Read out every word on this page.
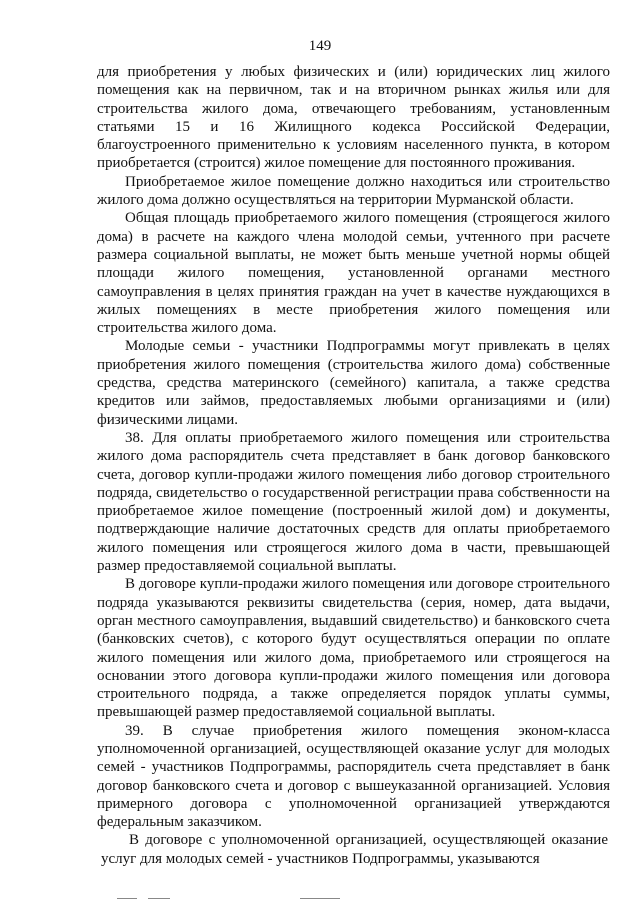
149

для приобретения у любых физических и (или) юридических лиц жилого помещения как на первичном, так и на вторичном рынках жилья или для строительства жилого дома, отвечающего требованиям, установленным статьями 15 и 16 Жилищного кодекса Российской Федерации, благоустроенного применительно к условиям населенного пункта, в котором приобретается (строится) жилое помещение для постоянного проживания.

Приобретаемое жилое помещение должно находиться или строительство жилого дома должно осуществляться на территории Мурманской области.

Общая площадь приобретаемого жилого помещения (строящегося жилого дома) в расчете на каждого члена молодой семьи, учтенного при расчете размера социальной выплаты, не может быть меньше учетной нормы общей площади жилого помещения, установленной органами местного самоуправления в целях принятия граждан на учет в качестве нуждающихся в жилых помещениях в месте приобретения жилого помещения или строительства жилого дома.

Молодые семьи - участники Подпрограммы могут привлекать в целях приобретения жилого помещения (строительства жилого дома) собственные средства, средства материнского (семейного) капитала, а также средства кредитов или займов, предоставляемых любыми организациями и (или) физическими лицами.

38. Для оплаты приобретаемого жилого помещения или строительства жилого дома распорядитель счета представляет в банк договор банковского счета, договор купли-продажи жилого помещения либо договор строительного подряда, свидетельство о государственной регистрации права собственности на приобретаемое жилое помещение (построенный жилой дом) и документы, подтверждающие наличие достаточных средств для оплаты приобретаемого жилого помещения или строящегося жилого дома в части, превышающей размер предоставляемой социальной выплаты.

В договоре купли-продажи жилого помещения или договоре строительного подряда указываются реквизиты свидетельства (серия, номер, дата выдачи, орган местного самоуправления, выдавший свидетельство) и банковского счета (банковских счетов), с которого будут осуществляться операции по оплате жилого помещения или жилого дома, приобретаемого или строящегося на основании этого договора купли-продажи жилого помещения или договора строительного подряда, а также определяется порядок уплаты суммы, превышающей размер предоставляемой социальной выплаты.

39. В случае приобретения жилого помещения эконом-класса уполномоченной организацией, осуществляющей оказание услуг для молодых семей - участников Подпрограммы, распорядитель счета представляет в банк договор банковского счета и договор с вышеуказанной организацией. Условия примерного договора с уполномоченной организацией утверждаются федеральным заказчиком.

В договоре с уполномоченной организацией, осуществляющей оказание услуг для молодых семей - участников Подпрограммы, указываются
